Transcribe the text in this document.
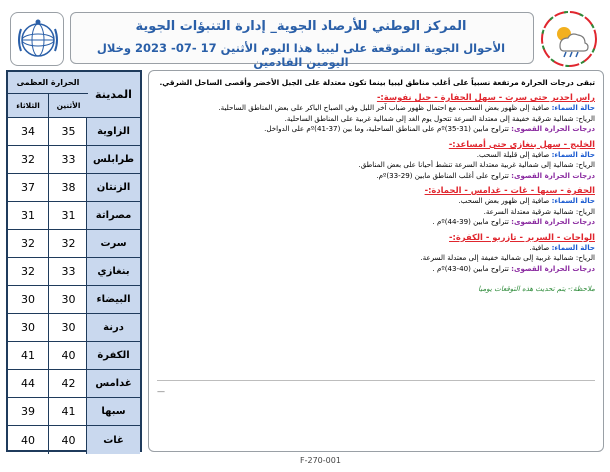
المركز الوطني للأرصاد الجوية_ إدارة التنبؤات الجوية
الأحوال الجوية المتوقعة على ليبيا هذا اليوم الأثنين 17 -07- 2023 وخلال اليومين القادمين
المدينة
الحرارة العظمى
الأثنين
الثلاثاء
الزاوية
35
34
طرابلس
33
32
الزنتان
38
37
مصراتة
31
31
سرت
32
32
بنغازي
33
32
البيضاء
30
30
درنة
30
30
الكفرة
40
41
غدامس
42
44
سبها
41
39
غات
40
40
تبقى درجات الحرارة مرتفعة نسبياً على أغلب مناطق ليبيا بينما تكون معتدلة على الجبل الأخضر وأقصى الساحل الشرقي.
راس اجدير حتى سرت - سهل الجفارة - جبل نفوسة:-
حالة السماء: صافية إلى ظهور بعض السحب، مع احتمال ظهور ضباب آخر الليل وفي الصباح الباكر على بعض المناطق الساحلية.
الرياح: شمالية شرقية خفيفة إلى معتدلة السرعة تتحول يوم الغد إلى شمالية غربية على المناطق الساحلية.
درجات الحرارة القصوى: تتراوح مابين (31-35)ºم على المناطق الساحلية، وما بين (37-41)ºم على الدواخل.
الخليج - سهل بنغازي حتى أمساعد:-
حالة السماء: صافية إلى قليلة السحب.
الرياح: شمالية إلى شمالية غربية معتدلة السرعة تنشط أحيانا على بعض المناطق.
درجات الحرارة القصوى: تتراوح على أغلب المناطق مابين (29-33)ºم.
الجفرة - سبها - غات - غدامس - الحمادة:-
حالة السماء: صافية إلى ظهور بعض السحب.
الرياح: شمالية شرقية معتدلة السرعة.
درجات الحرارة القصوى: تتراوح مابين (39-44)ºم .
الواحات - السرير - تازربو - الكفرة:-
حالة السماء: صافية.
الرياح: شمالية غربية إلى شمالية خفيفة إلى معتدلة السرعة.
درجات الحرارة القصوى: تتراوح مابين (40-43)ºم .
ملاحظة:- يتم تحديث هذه التوقعات يوميا
—
F-270-001
